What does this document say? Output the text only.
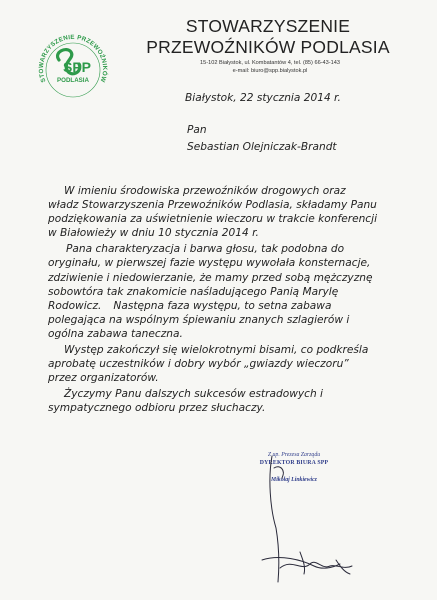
STOWARZYSZENIE PRZEWOŹNIKÓW
SPP
PODLASIA
STOWARZYSZENIE
PRZEWOŹNIKÓW PODLASIA
15-102 Białystok, ul. Kombatantów 4, tel. (85) 66-43-143
e-mail: biuro@spp.bialystok.pl
Białystok, 22 stycznia 2014 r.
Pan
Sebastian Olejniczak-Brandt

W imieniu środowiska przewoźników drogowych oraz
władz Stowarzyszenia Przewoźników Podlasia, składamy Panu
podziękowania za uświetnienie wieczoru w trakcie konferencji
w Białowieży w dniu 10 stycznia 2014 r.

Pana charakteryzacja i barwa głosu, tak podobna do
oryginału, w pierwszej fazie występu wywołała konsternacje,
zdziwienie i niedowierzanie, że mamy przed sobą mężczyznę
sobowtóra tak znakomicie naśladującego Panią Marylę
Rodowicz. Następna faza występu, to setna zabawa
polegająca na wspólnym śpiewaniu znanych szlagierów i
ogólna zabawa taneczna.

Występ zakończył się wielokrotnymi bisami, co podkreśla
aprobatę uczestników i dobry wybór „gwiazdy wieczoru”
przez organizatorów.

Życzymy Panu dalszych sukcesów estradowych i
sympatycznego odbioru przez słuchaczy.

Z up. Prezesa Zarządu
DYREKTOR BIURA SPP
Mikołaj Linkiewicz
